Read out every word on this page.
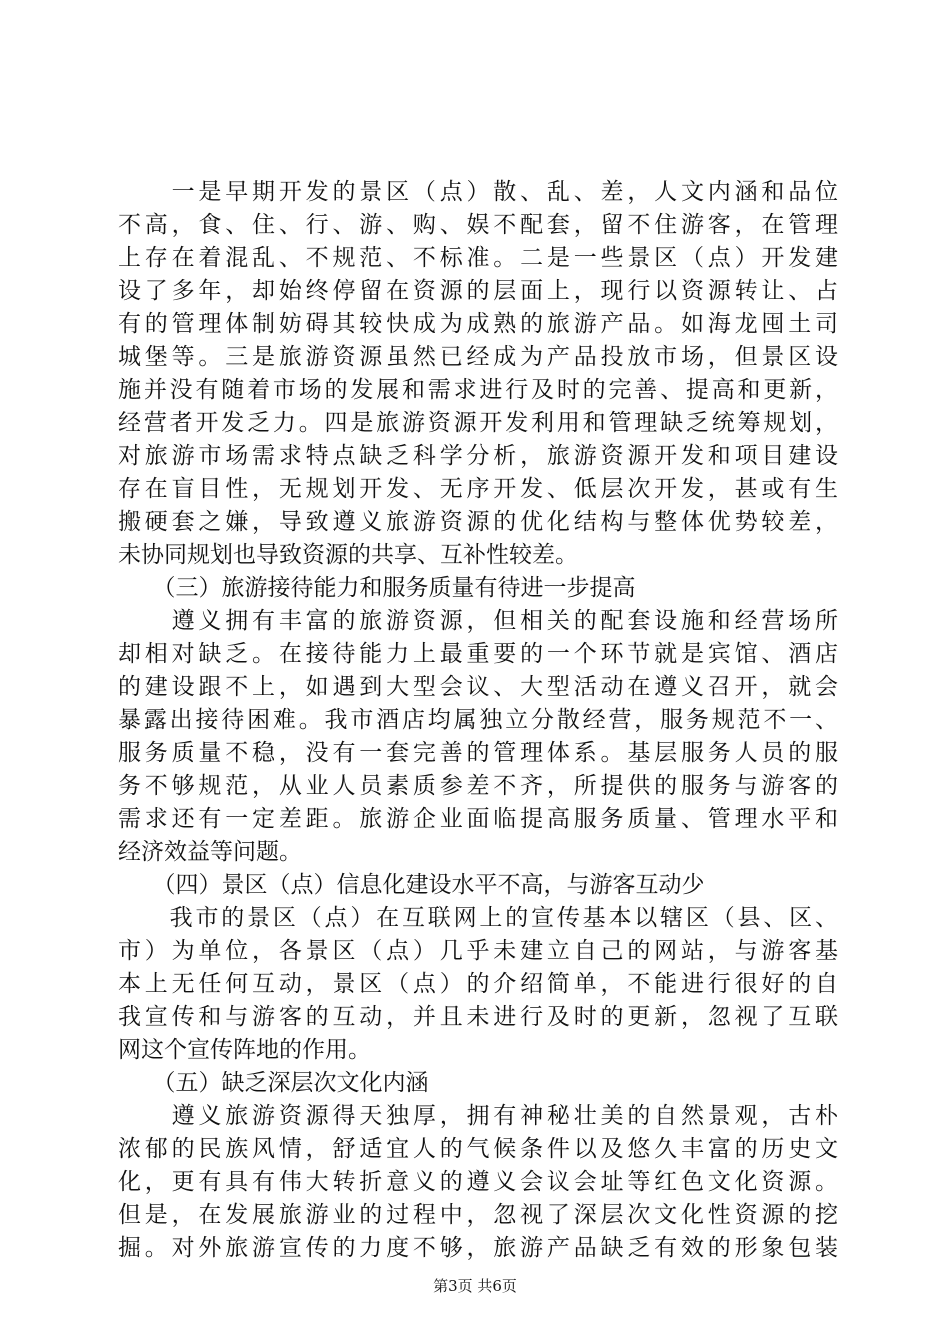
　　一是早期开发的景区（点）散、乱、差，人文内涵和品位
不高，食、住、行、游、购、娱不配套，留不住游客，在管理
上存在着混乱、不规范、不标准。二是一些景区（点）开发建
设了多年，却始终停留在资源的层面上，现行以资源转让、占
有的管理体制妨碍其较快成为成熟的旅游产品。如海龙囤土司
城堡等。三是旅游资源虽然已经成为产品投放市场，但景区设
施并没有随着市场的发展和需求进行及时的完善、提高和更新，
经营者开发乏力。四是旅游资源开发利用和管理缺乏统筹规划，
对旅游市场需求特点缺乏科学分析，旅游资源开发和项目建设
存在盲目性，无规划开发、无序开发、低层次开发，甚或有生
搬硬套之嫌，导致遵义旅游资源的优化结构与整体优势较差，
未协同规划也导致资源的共享、互补性较差。
　　（三）旅游接待能力和服务质量有待进一步提高
　　遵义拥有丰富的旅游资源，但相关的配套设施和经营场所
却相对缺乏。在接待能力上最重要的一个环节就是宾馆、酒店
的建设跟不上，如遇到大型会议、大型活动在遵义召开，就会
暴露出接待困难。我市酒店均属独立分散经营，服务规范不一、
服务质量不稳，没有一套完善的管理体系。基层服务人员的服
务不够规范，从业人员素质参差不齐，所提供的服务与游客的
需求还有一定差距。旅游企业面临提高服务质量、管理水平和
经济效益等问题。
　　（四）景区（点）信息化建设水平不高，与游客互动少
　　我市的景区（点）在互联网上的宣传基本以辖区（县、区、
市）为单位，各景区（点）几乎未建立自己的网站，与游客基
本上无任何互动，景区（点）的介绍简单，不能进行很好的自
我宣传和与游客的互动，并且未进行及时的更新，忽视了互联
网这个宣传阵地的作用。
　　（五）缺乏深层次文化内涵
　　遵义旅游资源得天独厚，拥有神秘壮美的自然景观，古朴
浓郁的民族风情，舒适宜人的气候条件以及悠久丰富的历史文
化，更有具有伟大转折意义的遵义会议会址等红色文化资源。
但是，在发展旅游业的过程中，忽视了深层次文化性资源的挖
掘。对外旅游宣传的力度不够，旅游产品缺乏有效的形象包装
第3页 共6页
